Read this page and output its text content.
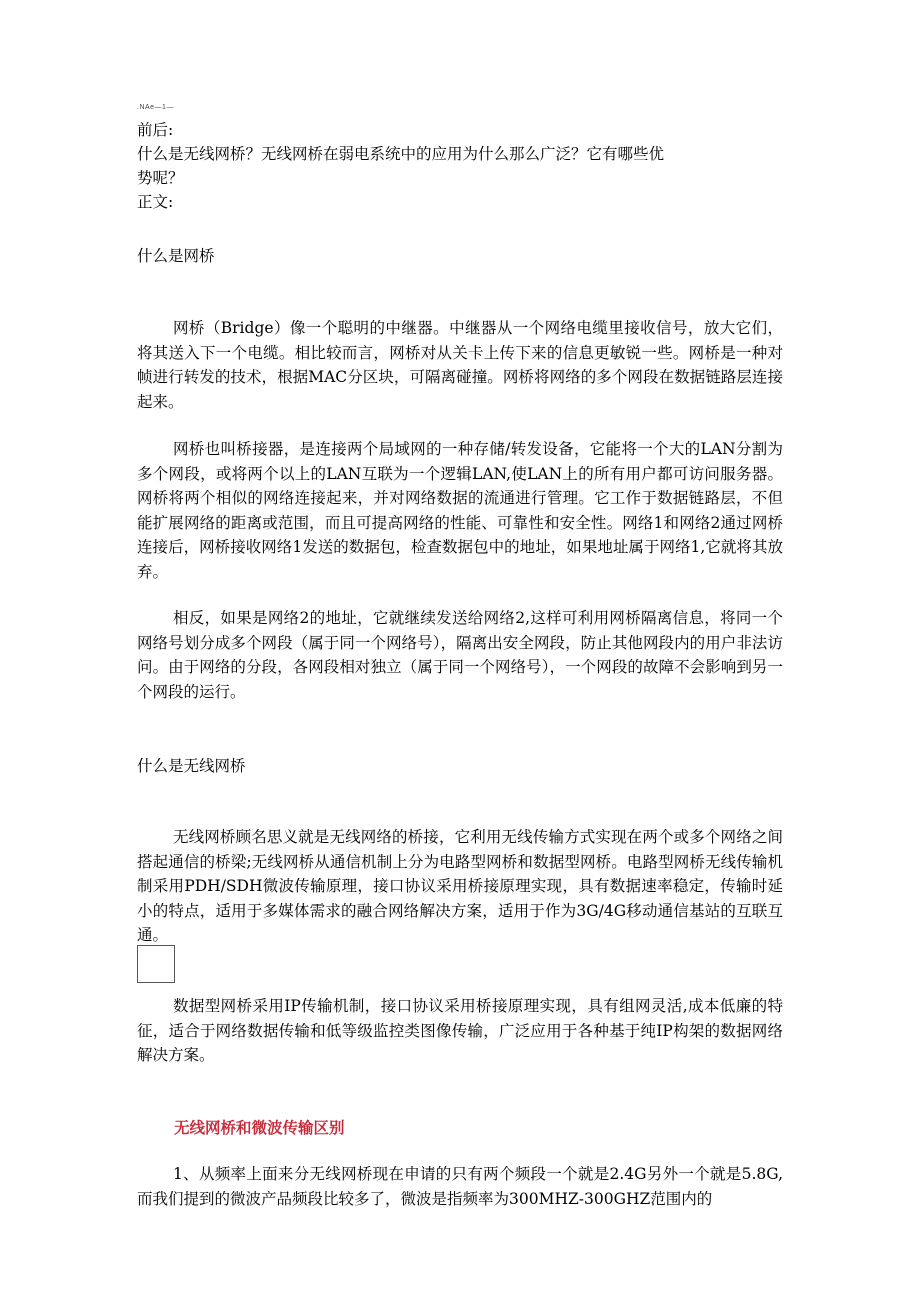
.NAe—1—

前后:

什么是无线网桥？无线网桥在弱电系统中的应用为什么那么广泛？它有哪些优

势呢？

正文:

什么是网桥

网桥（Bridge）像一个聪明的中继器。中继器从一个网络电缆里接收信号，放大它们，将其送入下一个电缆。相比较而言，网桥对从关卡上传下来的信息更敏锐一些。网桥是一种对帧进行转发的技术，根据MAC分区块，可隔离碰撞。网桥将网络的多个网段在数据链路层连接起来。

网桥也叫桥接器，是连接两个局域网的一种存储/转发设备，它能将一个大的LAN分割为多个网段，或将两个以上的LAN互联为一个逻辑LAN,使LAN上的所有用户都可访问服务器。网桥将两个相似的网络连接起来，并对网络数据的流通进行管理。它工作于数据链路层，不但能扩展网络的距离或范围，而且可提高网络的性能、可靠性和安全性。网络1和网络2通过网桥连接后，网桥接收网络1发送的数据包，检查数据包中的地址，如果地址属于网络1,它就将其放弃。

相反，如果是网络2的地址，它就继续发送给网络2,这样可利用网桥隔离信息，将同一个网络号划分成多个网段（属于同一个网络号），隔离出安全网段，防止其他网段内的用户非法访问。由于网络的分段，各网段相对独立（属于同一个网络号），一个网段的故障不会影响到另一个网段的运行。

什么是无线网桥

无线网桥顾名思义就是无线网络的桥接，它利用无线传输方式实现在两个或多个网络之间搭起通信的桥梁;无线网桥从通信机制上分为电路型网桥和数据型网桥。电路型网桥无线传输机制采用PDH/SDH微波传输原理，接口协议采用桥接原理实现，具有数据速率稳定，传输时延小的特点，适用于多媒体需求的融合网络解决方案，适用于作为3G/4G移动通信基站的互联互通。

数据型网桥采用IP传输机制，接口协议采用桥接原理实现，具有组网灵活,成本低廉的特征，适合于网络数据传输和低等级监控类图像传输，广泛应用于各种基于纯IP构架的数据网络解决方案。

无线网桥和微波传输区别

1、从频率上面来分无线网桥现在申请的只有两个频段一个就是2.4G另外一个就是5.8G,而我们提到的微波产品频段比较多了，微波是指频率为300MHZ-300GHZ范围内的
